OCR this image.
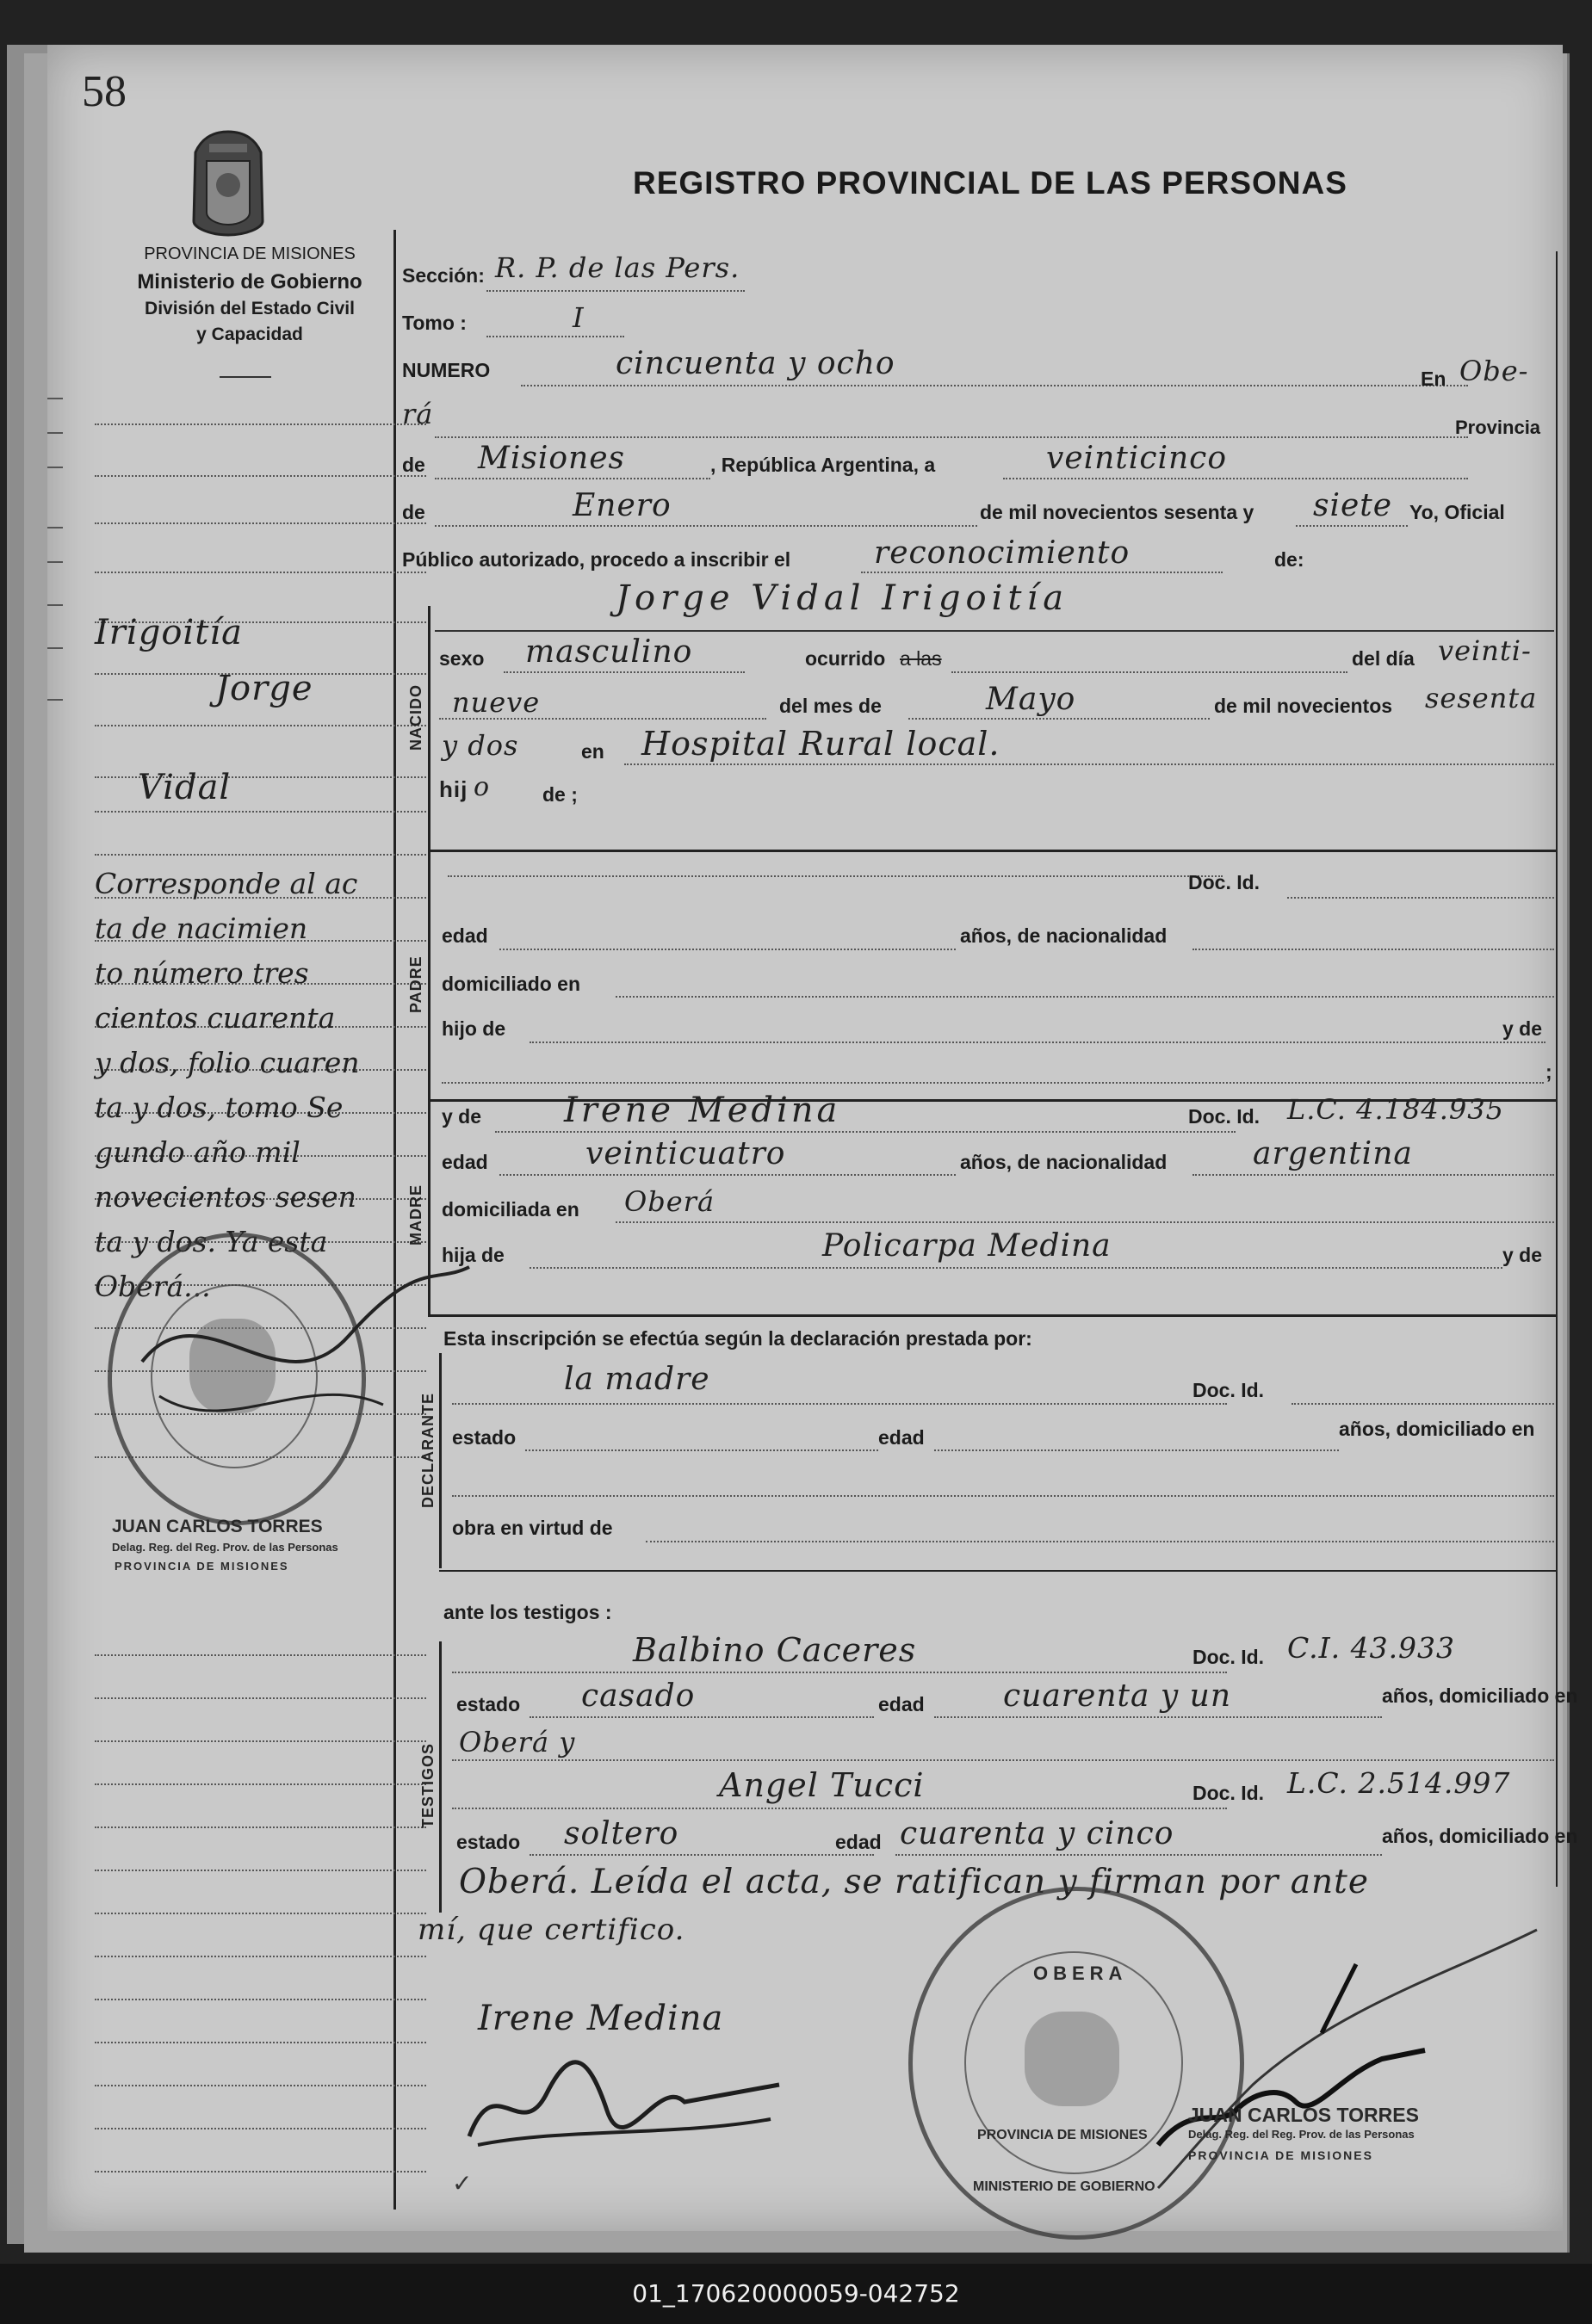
58
PROVINCIA DE MISIONES
Ministerio de Gobierno
División del Estado Civil
y Capacidad
REGISTRO PROVINCIAL DE LAS PERSONAS
Irigoitía
Jorge
Vidal
Corresponde al ac
ta de nacimien
to número tres
cientos cuarenta
y dos, folio cuaren
ta y dos, tomo Se
gundo año mil
novecientos sesen
ta y dos. Ya esta
Oberá...
JUAN CARLOS TORRES
Delag. Reg. del Reg. Prov. de las Personas
PROVINCIA DE MISIONES
Sección: R. P. de las Pers.
Tomo :	I
NUMERO	cincuenta y ocho	En Obe-
rá	Provincia
de Misiones	, República Argentina, a	veinticinco
de	Enero	de mil novecientos sesenta y siete Yo, Oficial
Público autorizado, procedo a inscribir el	reconocimiento	de:
NACIDO
Jorge Vidal Irigoitía
sexo masculino	ocurrido a las	del día veinti-
nueve	del mes de	Mayo	de mil novecientos sesenta
y dos	en Hospital Rural local.
hij o	de ;
PADRE
Doc. Id.
edad	años, de nacionalidad
domiciliado en
hijo de	y de
;
MADRE
y de Irene Medina	Doc. Id. L.C. 4.184.935
edad	veinticuatro	años, de nacionalidad	argentina
domiciliada en Oberá
hija de	Policarpa Medina	y de
Esta inscripción se efectúa según la declaración prestada por:
DECLARANTE
la madre	Doc. Id.
estado	edad	años, domiciliado en
obra en virtud de
ante los testigos :
TESTIGOS
Balbino Caceres	Doc. Id. C.I. 43.933
estado casado	edad	cuarenta y un	años, domiciliado en
Oberá y
Angel Tucci	Doc. Id. L.C. 2.514.997
estado soltero	edad cuarenta y cinco	años, domiciliado en
Oberá. Leída el acta, se ratifican y firman por ante
mí, que certifico.
Irene Medina
✓
OBERA
PROVINCIA DE MISIONES
MINISTERIO DE GOBIERNO
JUAN CARLOS TORRES
Delag. Reg. del Reg. Prov. de las Personas
PROVINCIA DE MISIONES
01_170620000059-042752
